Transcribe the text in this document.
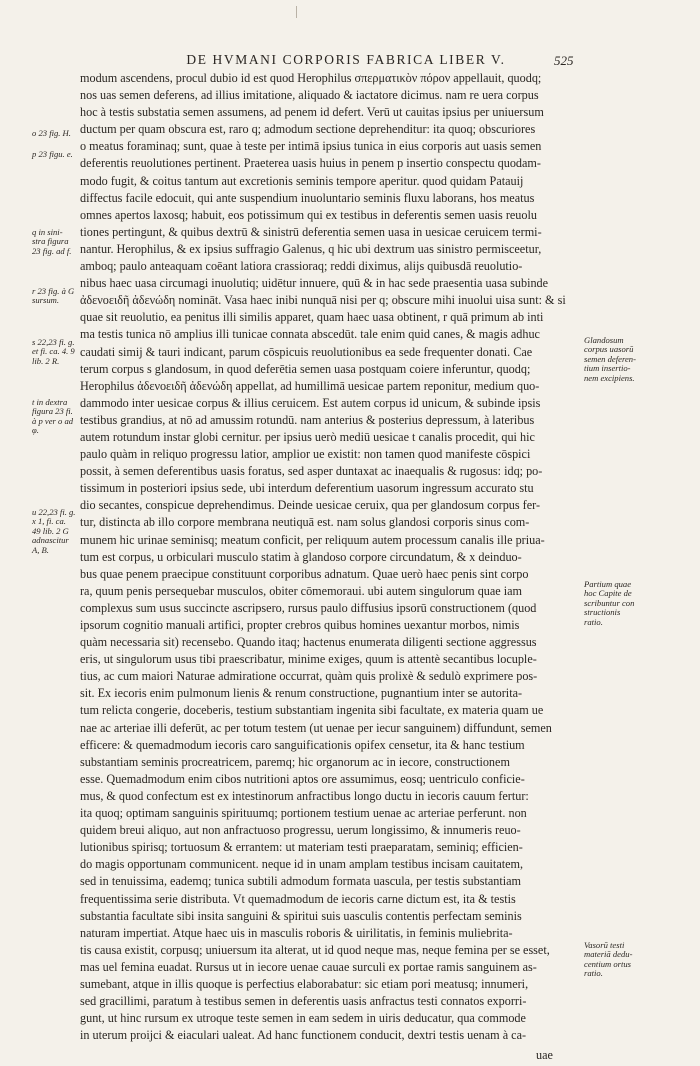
DE HVMANI CORPORIS FABRICA LIBER V.	525
modum ascendens, procul dubio id est quod Herophilus σπερματικὸν πόρον appellauit, quodq;
nos uas semen deferens, ad illius imitatione, aliquado & iactatore dicimus. nam re uera corpus
hoc à testis substatia semen assumens, ad penem id defert. Verū ut cauitas ipsius per uniuersum
ductum per quam obscura est, raro q; admodum sectione deprehenditur: ita quoq; obscuriores
o meatus foraminaq; sunt, quae à teste per intimā ipsius tunica in eius corporis aut uasis semen
deferentis reuolutiones pertinent. Praeterea uasis huius in penem p insertio conspectu quodam-
modo fugit, & coitus tantum aut excretionis seminis tempore aperitur. quod quidam Patauij
diffectus facile edocuit, qui ante suspendium inuoluntario seminis fluxu laborans, hos meatus
omnes apertos laxosq; habuit, eos potissimum qui ex testibus in deferentis semen uasis reuolu
tiones pertingunt, & quibus dextrū & sinistrū deferentia semen uasa in uesicae ceruicem termi-
nantur. Herophilus, & ex ipsius suffragio Galenus, q hic ubi dextrum uas sinistro permisceetur,
amboq; paulo anteaquam coēant latiora crassioraq; reddi diximus, alijs quibusdā reuolutio-
nibus haec uasa circumagi inuolutiq; uidētur innuere, quū & in hac sede praesentia uasa subinde
ἀδενοειδῆ ἀδενώδη nomināt. Vasa haec inibi nunquā nisi per q; obscure mihi inuolui uisa sunt: & si
quae sit reuolutio, ea penitus illi similis apparet, quam haec uasa obtinent, r quā primum ab inti
ma testis tunica nō amplius illi tunicae connata abscedūt. tale enim quid canes, & magis adhuc
caudati simij & tauri indicant, parum cōspicuis reuolutionibus ea sede frequenter donati. Cae
terum corpus s glandosum, in quod deferētia semen uasa postquam coiere inferuntur, quodq;
Herophilus ἀδενοειδῆ ἀδενώδη appellat, ad humillimā uesicae partem reponitur, medium quo-
dammodo inter uesicae corpus & illius ceruicem. Est autem corpus id unicum, & subinde ipsis
testibus grandius, at nō ad amussim rotundū. nam anterius & posterius depressum, à lateribus
autem rotundum instar globi cernitur. per ipsius uerò mediū uesicae t canalis procedit, qui hic
paulo quàm in reliquo progressu latior, amplior ue existit: non tamen quod manifeste cōspici
possit, à semen deferentibus uasis foratus, sed asper duntaxat ac inaequalis & rugosus: idq; po-
tissimum in posteriori ipsius sede, ubi interdum deferentium uasorum ingressum accurato stu
dio secantes, conspicue deprehendimus. Deinde uesicae ceruix, qua per glandosum corpus fer-
tur, distincta ab illo corpore membrana neutiquā est. nam solus glandosi corporis sinus com-
munem hic urinae seminisq; meatum conficit, per reliquum autem processum canalis ille priua-
tum est corpus, u orbiculari musculo statim à glandoso corpore circundatum, & x deinduo-
bus quae penem praecipue constituunt corporibus adnatum. Quae uerò haec penis sint corpo
ra, quum penis persequebar musculos, obiter cōmemoraui. ubi autem singulorum quae iam
complexus sum usus succincte ascripsero, rursus paulo diffusius ipsorū constructionem (quod
ipsorum cognitio manuali artifici, propter crebros quibus homines uexantur morbos, nimis
quàm necessaria sit) recensebo. Quando itaq; hactenus enumerata diligenti sectione aggressus
eris, ut singulorum usus tibi praescribatur, minime exiges, quum is attentè secantibus locuple-
tius, ac cum maiori Naturae admiratione occurrat, quàm quis prolixè & sedulò exprimere pos-
sit. Ex iecoris enim pulmonum lienis & renum constructione, pugnantium inter se autorita-
tum relicta congerie, doceberis, testium substantiam ingenita sibi facultate, ex materia quam ue
nae ac arteriae illi deferūt, ac per totum testem (ut uenae per iecur sanguinem) diffundunt, semen
efficere: & quemadmodum iecoris caro sanguificationis opifex censetur, ita & hanc testium
substantiam seminis procreatricem, paremq; hic organorum ac in iecore, constructionem
esse. Quemadmodum enim cibos nutritioni aptos ore assumimus, eosq; uentriculo conficie-
mus, & quod confectum est ex intestinorum anfractibus longo ductu in iecoris cauum fertur:
ita quoq; optimam sanguinis spirituumq; portionem testium uenae ac arteriae perferunt. non
quidem breui aliquo, aut non anfractuoso progressu, uerum longissimo, & innumeris reuo-
lutionibus spirisq; tortuosum & errantem: ut materiam testi praeparatam, seminiq; efficien-
do magis opportunam communicent. neque id in unam amplam testibus incisam cauitatem,
sed in tenuissima, eademq; tunica subtili admodum formata uascula, per testis substantiam
frequentissima serie distributa. Vt quemadmodum de iecoris carne dictum est, ita & testis
substantia facultate sibi insita sanguini & spiritui suis uasculis contentis perfectam seminis
naturam impertiat. Atque haec uis in masculis roboris & uirilitatis, in feminis muliebrita-
tis causa existit, corpusq; uniuersum ita alterat, ut id quod neque mas, neque femina per se esset,
mas uel femina euadat. Rursus ut in iecore uenae cauae surculi ex portae ramis sanguinem as-
sumebant, atque in illis quoque is perfectius elaborabatur: sic etiam pori meatusq; innumeri,
sed gracillimi, paratum à testibus semen in deferentis uasis anfractus testi connatos exporri-
gunt, ut hinc rursum ex utroque teste semen in eam sedem in uiris deducatur, qua commode
in uterum proijci & eiaculari ualeat. Ad hanc functionem conducit, dextri testis uenam à ca-
o 23 fig. H.
p 23 figu. e.
q in sini-
stra figura
23 fig. ad f.
r 23 fig. à G
sursum.
s 22,23 fi. g.
et fi. ca. 4. 9
lib. 2 R.
t in dextra
figura 23 fi.
à p ver o ad
φ.
u 22,23 fi. g.
x 1, fi. ca.
49 lib. 2 G
adnascitur
A, B.
Glandosum
corpus uasorū
semen deferen-
tium insertio-
nem excipiens.
Partium quae
hoc Capite de
scribuntur con
structionis
ratio.
Vasorū testi
materiā dedu-
centium ortus
ratio.
uae
